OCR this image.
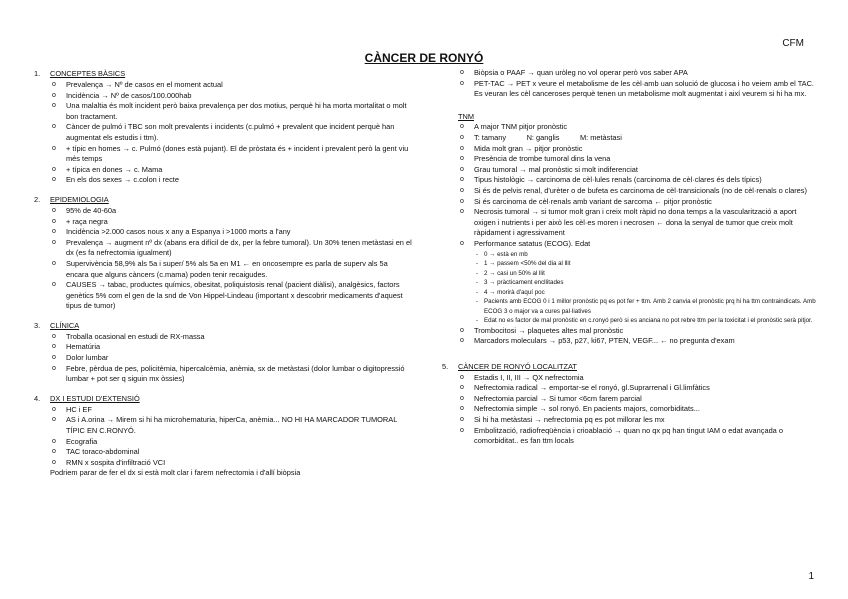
CFM
CÀNCER DE RONYÓ
1. CONCEPTES BÀSICS
o Prevalença → Nº de casos en el moment actual
o Incidència → Nº de casos/100.000hab
o Una malaltia és molt incident però baixa prevalença per dos motius, perquè hi ha morta mortalitat o molt bon tractament.
o Càncer de pulmó i TBC son molt prevalents i incidents (c.pulmó + prevalent que incident perquè han augmentat els estudis i ttm).
o + típic en homes → c. Pulmó (dones està pujant). El de pròstata és + incident i prevalent però la gent viu més temps
o + típica en dones → c. Mama
o En els dos sexes → c.colon i recte
2. EPIDEMIOLOGIA
o 95% de 40-60a
o + raça negra
o Incidència >2.000 casos nous x any a Espanya i >1000 morts a l'any
o Prevalença → augment nº dx (abans era difícil de dx, per la febre tumoral). Un 30% tenen metàstasi en el dx (es fa nefrectomia igualment)
o Supervivència 58,9% als 5a i super/ 5% als 5a en M1 ← en oncosempre es parla de superv als 5a encara que alguns càncers (c.mama) poden tenir recaigudes.
o CAUSES → tabac, productes químics, obesitat, poliquistosis renal (pacient diàlisi), analgèsics, factors genètics 5% com el gen de la snd de Von Hippel-Lindeau (important x descobrir medicaments d'aquest tipus de tumor)
3. CLÍNICA
o Troballa ocasional en estudi de RX-massa
o Hematúria
o Dolor lumbar
o Febre, pèrdua de pes, policitèmia, hipercalcèmia, anèmia, sx de metàstasi (dolor lumbar o digitopressió lumbar + pot ser q siguin mx òssies)
4. DX I ESTUDI D'EXTENSIÓ
o HC i EF
o AS i A.orina → Mirem si hi ha microhematuria, hiperCa, anèmia... NO HI HA MARCADOR TUMORAL TÍPIC EN C.RONYÓ.
o Ecografia
o TAC toraco-abdominal
o RMN x sospita d'infiltració VCI
Podriem parar de fer el dx si està molt clar i farem nefrectomia i d'allí biòpsia
o Biòpsia o PAAF → quan uròleg no vol operar però vos saber APA
o PET-TAC → PET x veure el metabolisme de les cèl·amb uan solució de glucosa i ho veiem amb el TAC. Es veuran les cèl canceroses perquè tenen un metabolisme molt augmentat i així veurem si hi ha mx.
TNM
o A major TNM pitjor pronòstic
o T: tamany          N: ganglis          M: metàstasi
o Mida molt gran → pitjor pronòstic
o Presència de trombe tumoral dins la vena
o Grau tumoral → mal pronòstic si molt indiferenciat
o Tipus histològic → carcinoma de cèl·lules renals (carcinoma de cèl·clares és dels típics)
o Si és de pelvis renal, d'urèter o de bufeta es carcinoma de cèl·transicionals (no de cèl·renals o clares)
o Si és carcinoma de cèl·renals amb variant de sarcoma ← pitjor pronòstic
o Necrosis tumoral → si tumor molt gran i creix molt ràpid no dona temps a la vascularització a aport oxigen i nutrients i per això les cèl·es moren i necrosen ← dona la senyal de tumor que creix molt ràpidament i agressivament
o Performance satatus (ECOG). Edat
- 0 → està en mb
- 1 → passem <50% del dia al llit
- 2 → casi un 50% al llit
- 3 → pràcticament encllitades
- 4 → morirà d'aquí poc
- Pacients amb ECOG 0 i 1 millor pronòstic pq es pot fer + ttm. Amb 2 canvia el pronòstic prq hi ha ttm contraindicats. Amb ECOG 3 o major va a cures pal·liatives
- Edat no es factor de mal pronòstic en c.ronyó però si es anciana no pot rebre ttm per la toxicitat i el pronòstic serà pitjor.
o Trombocitosi → plaquetes altes mal pronòstic
o Marcadors moleculars → p53, p27, ki67, PTEN, VEGF... ← no pregunta d'exam
5. CÀNCER DE RONYÓ LOCALITZAT
o Estadis I, II, III → QX nefrectomia
o Nefrectomia radical → emportar-se el ronyó, gl.Suprarrenal i Gl.limfàtics
o Nefrectomia parcial → Si tumor <6cm farem parcial
o Nefrectomia simple → sol ronyó. En pacients majors, comorbiditats...
o Si hi ha metàstasi → nefrectomia pq es pot millorar les mx
o Embolització, radiofreqüència i crioablació → quan no qx pq han tingut IAM o edat avançada o comorbiditat.. es fan ttm locals
1
